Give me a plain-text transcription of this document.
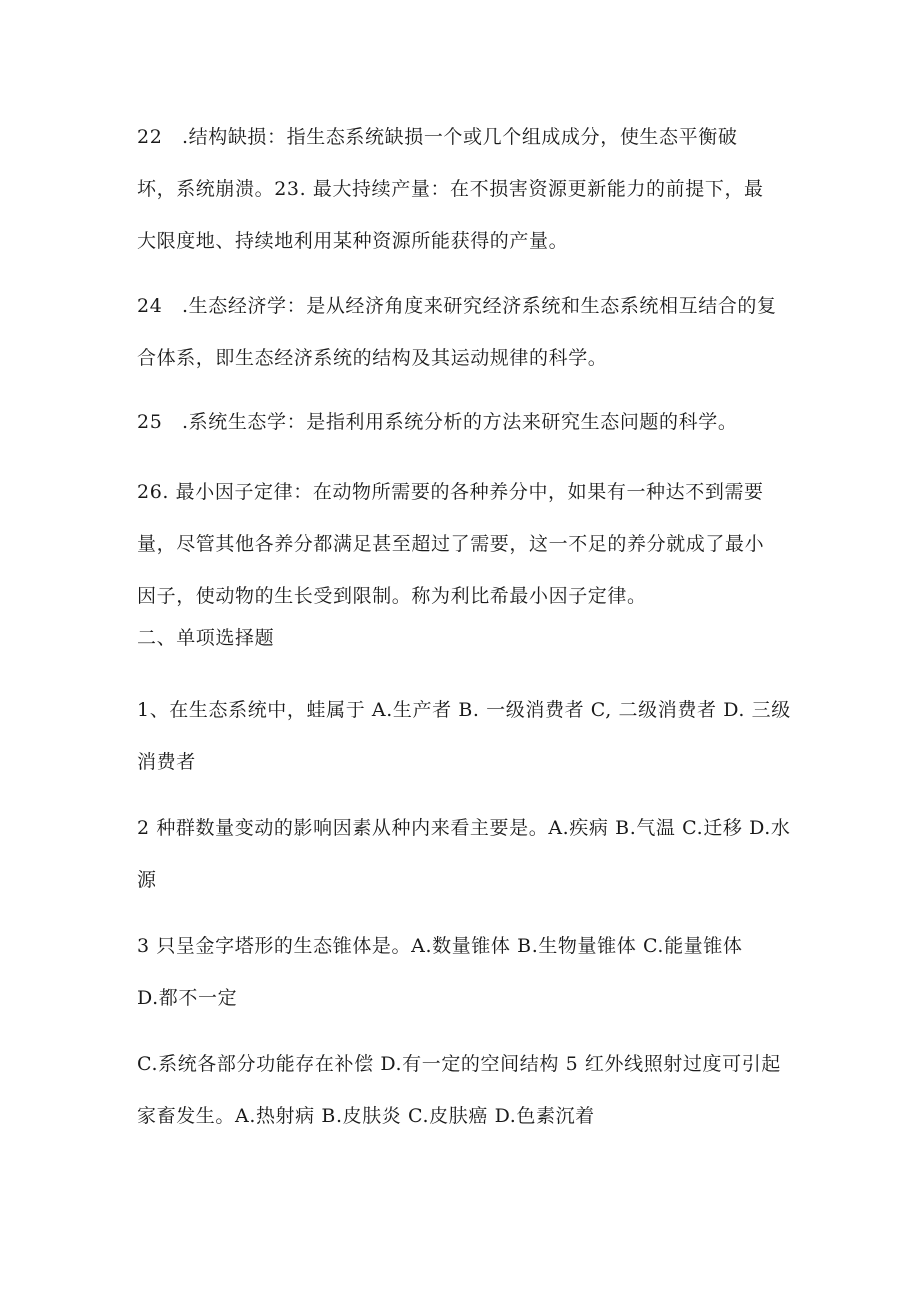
22　.结构缺损：指生态系统缺损一个或几个组成成分，使生态平衡破
坏，系统崩溃。23. 最大持续产量：在不损害资源更新能力的前提下，最
大限度地、持续地利用某种资源所能获得的产量。

24　.生态经济学：是从经济角度来研究经济系统和生态系统相互结合的复
合体系，即生态经济系统的结构及其运动规律的科学。

25　.系统生态学：是指利用系统分析的方法来研究生态问题的科学。

26. 最小因子定律：在动物所需要的各种养分中，如果有一种达不到需要
量，尽管其他各养分都满足甚至超过了需要，这一不足的养分就成了最小
因子，使动物的生长受到限制。称为利比希最小因子定律。

二、单项选择题

1、在生态系统中，蛙属于 A.生产者 B. 一级消费者 C, 二级消费者 D. 三级
消费者

2 种群数量变动的影响因素从种内来看主要是。A.疾病 B.气温 C.迁移 D.水
源

3 只呈金字塔形的生态锥体是。A.数量锥体 B.生物量锥体 C.能量锥体
D.都不一定

C.系统各部分功能存在补偿 D.有一定的空间结构 5 红外线照射过度可引起
家畜发生。A.热射病 B.皮肤炎 C.皮肤癌 D.色素沉着
